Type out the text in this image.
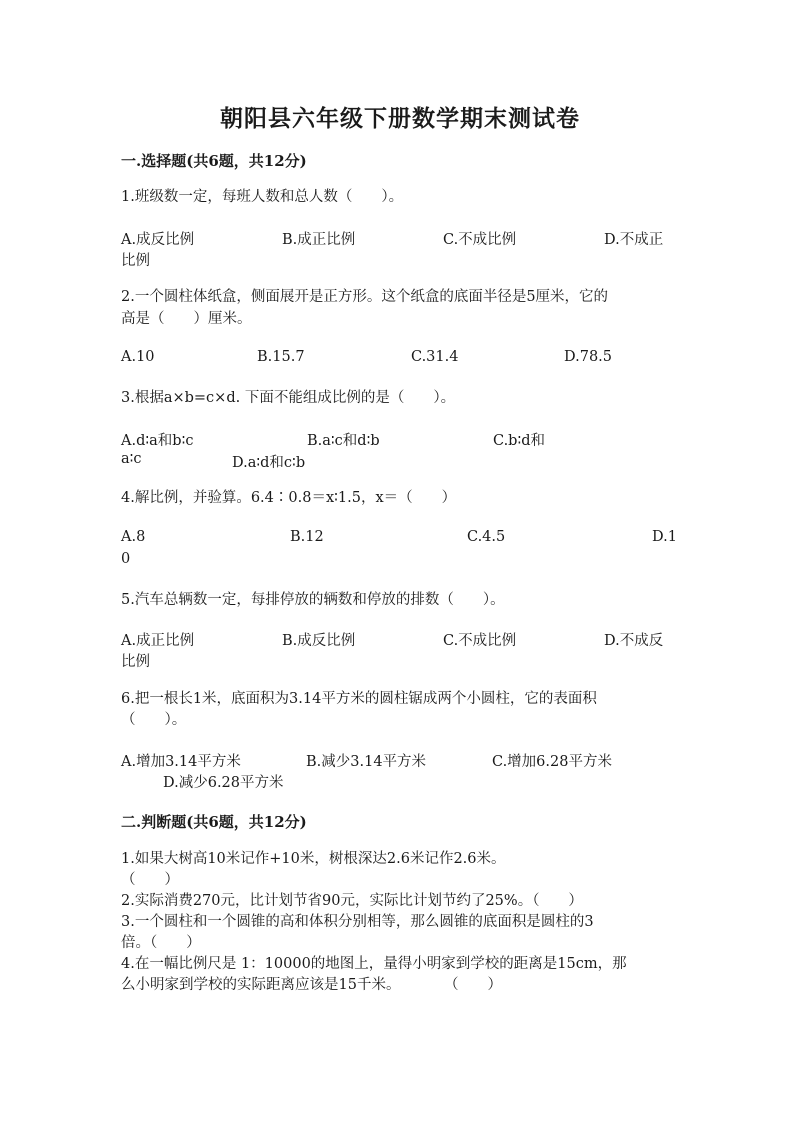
朝阳县六年级下册数学期末测试卷
一.选择题(共6题，共12分)
1.班级数一定，每班人数和总人数（　　）。
A.成反比例	B.成正比例	C.不成比例	D.不成正
比例
2.一个圆柱体纸盒，侧面展开是正方形。这个纸盒的底面半径是5厘米，它的
高是（　　）厘米。
A.10	B.15.7	C.31.4	D.78.5
3.根据a×b=c×d. 下面不能组成比例的是（　　）。
A.d∶a和b∶c	B.a∶c和d∶b	C.b∶d和
a∶c	D.a∶d和c∶b
4.解比例，并验算。6.4∶0.8＝x∶1.5，x＝（　　）
A.8	B.12	C.4.5	D.1
0
5.汽车总辆数一定，每排停放的辆数和停放的排数（　　）。
A.成正比例	B.成反比例	C.不成比例	D.不成反
比例
6.把一根长1米，底面积为3.14平方米的圆柱锯成两个小圆柱，它的表面积
（　　）。
A.增加3.14平方米	B.减少3.14平方米	C.增加6.28平方米
D.减少6.28平方米
二.判断题(共6题，共12分)
1.如果大树高10米记作+10米，树根深达2.6米记作2.6米。
（　　）
2.实际消费270元，比计划节省90元，实际比计划节约了25%。（　　）
3.一个圆柱和一个圆锥的高和体积分别相等，那么圆锥的底面积是圆柱的3
倍。（　　）
4.在一幅比例尺是 1：10000的地图上，量得小明家到学校的距离是15cm，那
么小明家到学校的实际距离应该是15千米。　　　　（　　）
